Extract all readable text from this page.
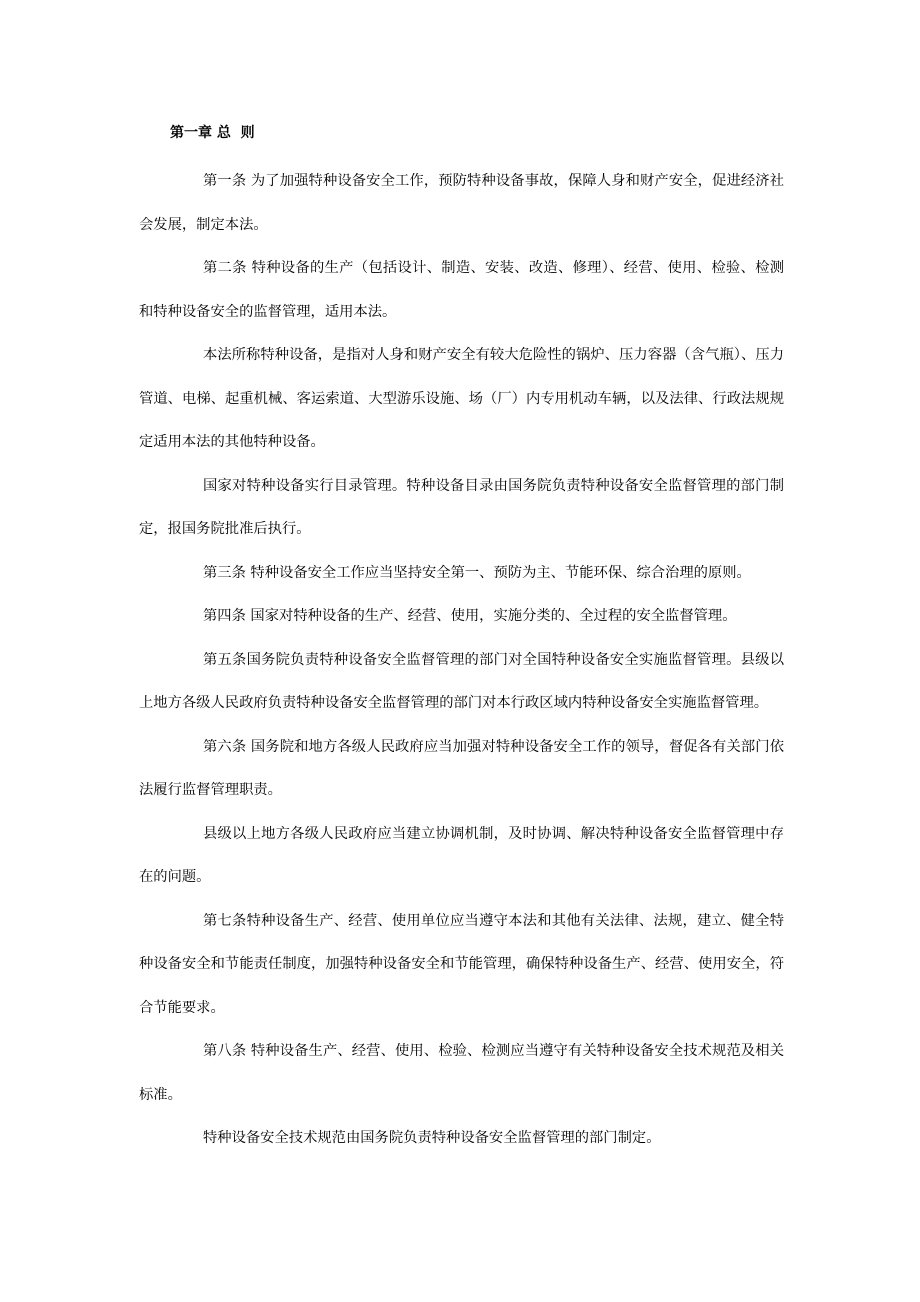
第一章 总  则

第一条 为了加强特种设备安全工作，预防特种设备事故，保障人身和财产安全，促进经济社会发展，制定本法。

第二条 特种设备的生产（包括设计、制造、安装、改造、修理）、经营、使用、检验、检测和特种设备安全的监督管理，适用本法。

本法所称特种设备，是指对人身和财产安全有较大危险性的锅炉、压力容器（含气瓶）、压力管道、电梯、起重机械、客运索道、大型游乐设施、场（厂）内专用机动车辆，以及法律、行政法规规定适用本法的其他特种设备。

国家对特种设备实行目录管理。特种设备目录由国务院负责特种设备安全监督管理的部门制定，报国务院批准后执行。

第三条 特种设备安全工作应当坚持安全第一、预防为主、节能环保、综合治理的原则。

第四条 国家对特种设备的生产、经营、使用，实施分类的、全过程的安全监督管理。

第五条国务院负责特种设备安全监督管理的部门对全国特种设备安全实施监督管理。县级以上地方各级人民政府负责特种设备安全监督管理的部门对本行政区域内特种设备安全实施监督管理。

第六条 国务院和地方各级人民政府应当加强对特种设备安全工作的领导，督促各有关部门依法履行监督管理职责。

县级以上地方各级人民政府应当建立协调机制，及时协调、解决特种设备安全监督管理中存在的问题。

第七条特种设备生产、经营、使用单位应当遵守本法和其他有关法律、法规，建立、健全特种设备安全和节能责任制度，加强特种设备安全和节能管理，确保特种设备生产、经营、使用安全，符合节能要求。

第八条 特种设备生产、经营、使用、检验、检测应当遵守有关特种设备安全技术规范及相关标准。

特种设备安全技术规范由国务院负责特种设备安全监督管理的部门制定。
